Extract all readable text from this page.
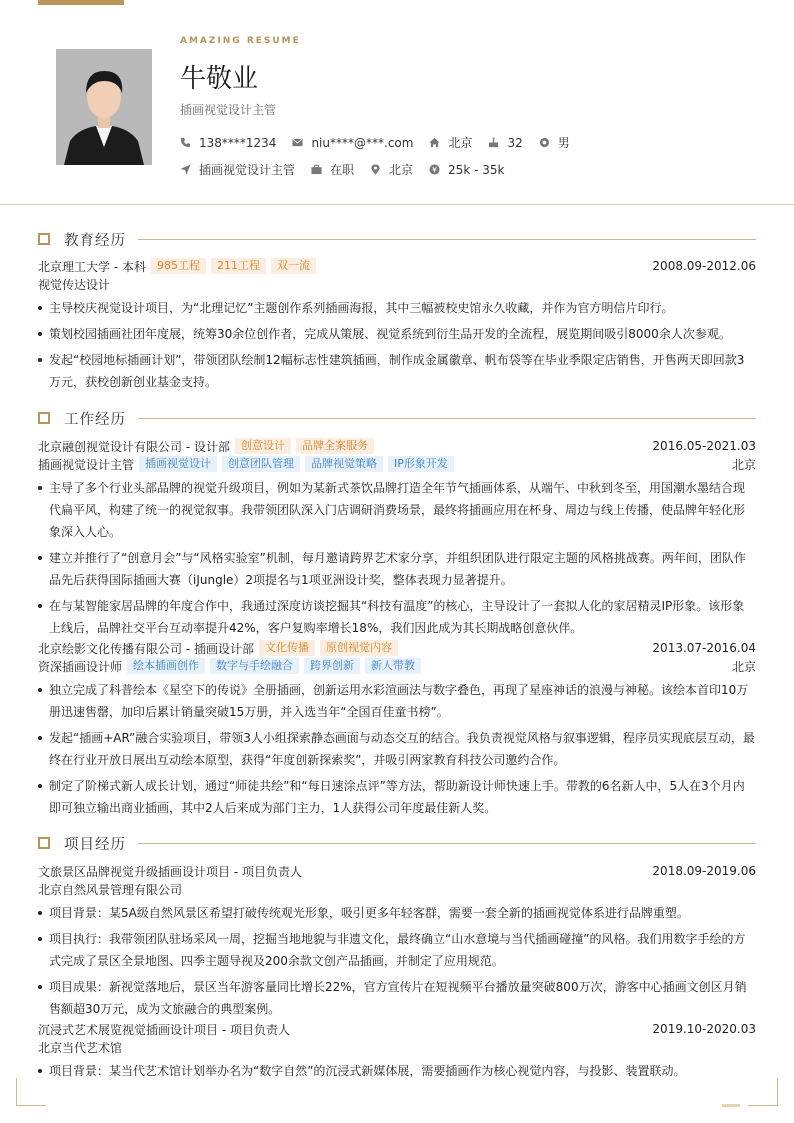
AMAZING RESUME
牛敬业
插画视觉设计主管
138****1234	niu****@***.com	北京	32	男
插画视觉设计主管	在职	北京	25k - 35k
教育经历
北京理工大学 - 本科	985工程	211工程	双一流	2008.09-2012.06
视觉传达设计
主导校庆视觉设计项目，为“北理记忆”主题创作系列插画海报，其中三幅被校史馆永久收藏，并作为官方明信片印行。
策划校园插画社团年度展，统筹30余位创作者，完成从策展、视觉系统到衍生品开发的全流程，展览期间吸引8000余人次参观。
发起“校园地标插画计划”，带领团队绘制12幅标志性建筑插画，制作成金属徽章、帆布袋等在毕业季限定店销售，开售两天即回款3万元，获校创新创业基金支持。
工作经历
北京融创视觉设计有限公司 - 设计部	创意设计	品牌全案服务	2016.05-2021.03
插画视觉设计主管	插画视觉设计	创意团队管理	品牌视觉策略	IP形象开发	北京
主导了多个行业头部品牌的视觉升级项目，例如为某新式茶饮品牌打造全年节气插画体系，从端午、中秋到冬至，用国潮水墨结合现代扁平风，构建了统一的视觉叙事。我带领团队深入门店调研消费场景，最终将插画应用在杯身、周边与线上传播，使品牌年轻化形象深入人心。
建立并推行了“创意月会”与“风格实验室”机制，每月邀请跨界艺术家分享，并组织团队进行限定主题的风格挑战赛。两年间，团队作品先后获得国际插画大赛（iJungle）2项提名与1项亚洲设计奖，整体表现力显著提升。
在与某智能家居品牌的年度合作中，我通过深度访谈挖掘其“科技有温度”的核心，主导设计了一套拟人化的家居精灵IP形象。该形象上线后，品牌社交平台互动率提升42%，客户复购率增长18%，我们因此成为其长期战略创意伙伴。
北京绘影文化传播有限公司 - 插画设计部	文化传播	原创视觉内容	2013.07-2016.04
资深插画设计师	绘本插画创作	数字与手绘融合	跨界创新	新人带教	北京
独立完成了科普绘本《星空下的传说》全册插画，创新运用水彩渲画法与数字叠色，再现了星座神话的浪漫与神秘。该绘本首印10万册迅速售罄，加印后累计销量突破15万册，并入选当年“全国百佳童书榜”。
发起“插画+AR”融合实验项目，带领3人小组探索静态画面与动态交互的结合。我负责视觉风格与叙事逻辑，程序员实现底层互动，最终在行业开放日展出互动绘本原型，获得“年度创新探索奖”，并吸引两家教育科技公司邀约合作。
制定了阶梯式新人成长计划，通过“师徒共绘”和“每日速涂点评”等方法，帮助新设计师快速上手。带教的6名新人中，5人在3个月内即可独立输出商业插画，其中2人后来成为部门主力，1人获得公司年度最佳新人奖。
项目经历
文旅景区品牌视觉升级插画设计项目 - 项目负责人	2018.09-2019.06
北京自然风景管理有限公司
项目背景：某5A级自然风景区希望打破传统观光形象，吸引更多年轻客群，需要一套全新的插画视觉体系进行品牌重塑。
项目执行：我带领团队驻场采风一周，挖掘当地地貌与非遗文化，最终确立“山水意境与当代插画碰撞”的风格。我们用数字手绘的方式完成了景区全景地图、四季主题导视及200余款文创产品插画，并制定了应用规范。
项目成果：新视觉落地后，景区当年游客量同比增长22%，官方宣传片在短视频平台播放量突破800万次，游客中心插画文创区月销售额超30万元，成为文旅融合的典型案例。
沉浸式艺术展览视觉插画设计项目 - 项目负责人	2019.10-2020.03
北京当代艺术馆
项目背景：某当代艺术馆计划举办名为“数字自然”的沉浸式新媒体展，需要插画作为核心视觉内容，与投影、装置联动。
